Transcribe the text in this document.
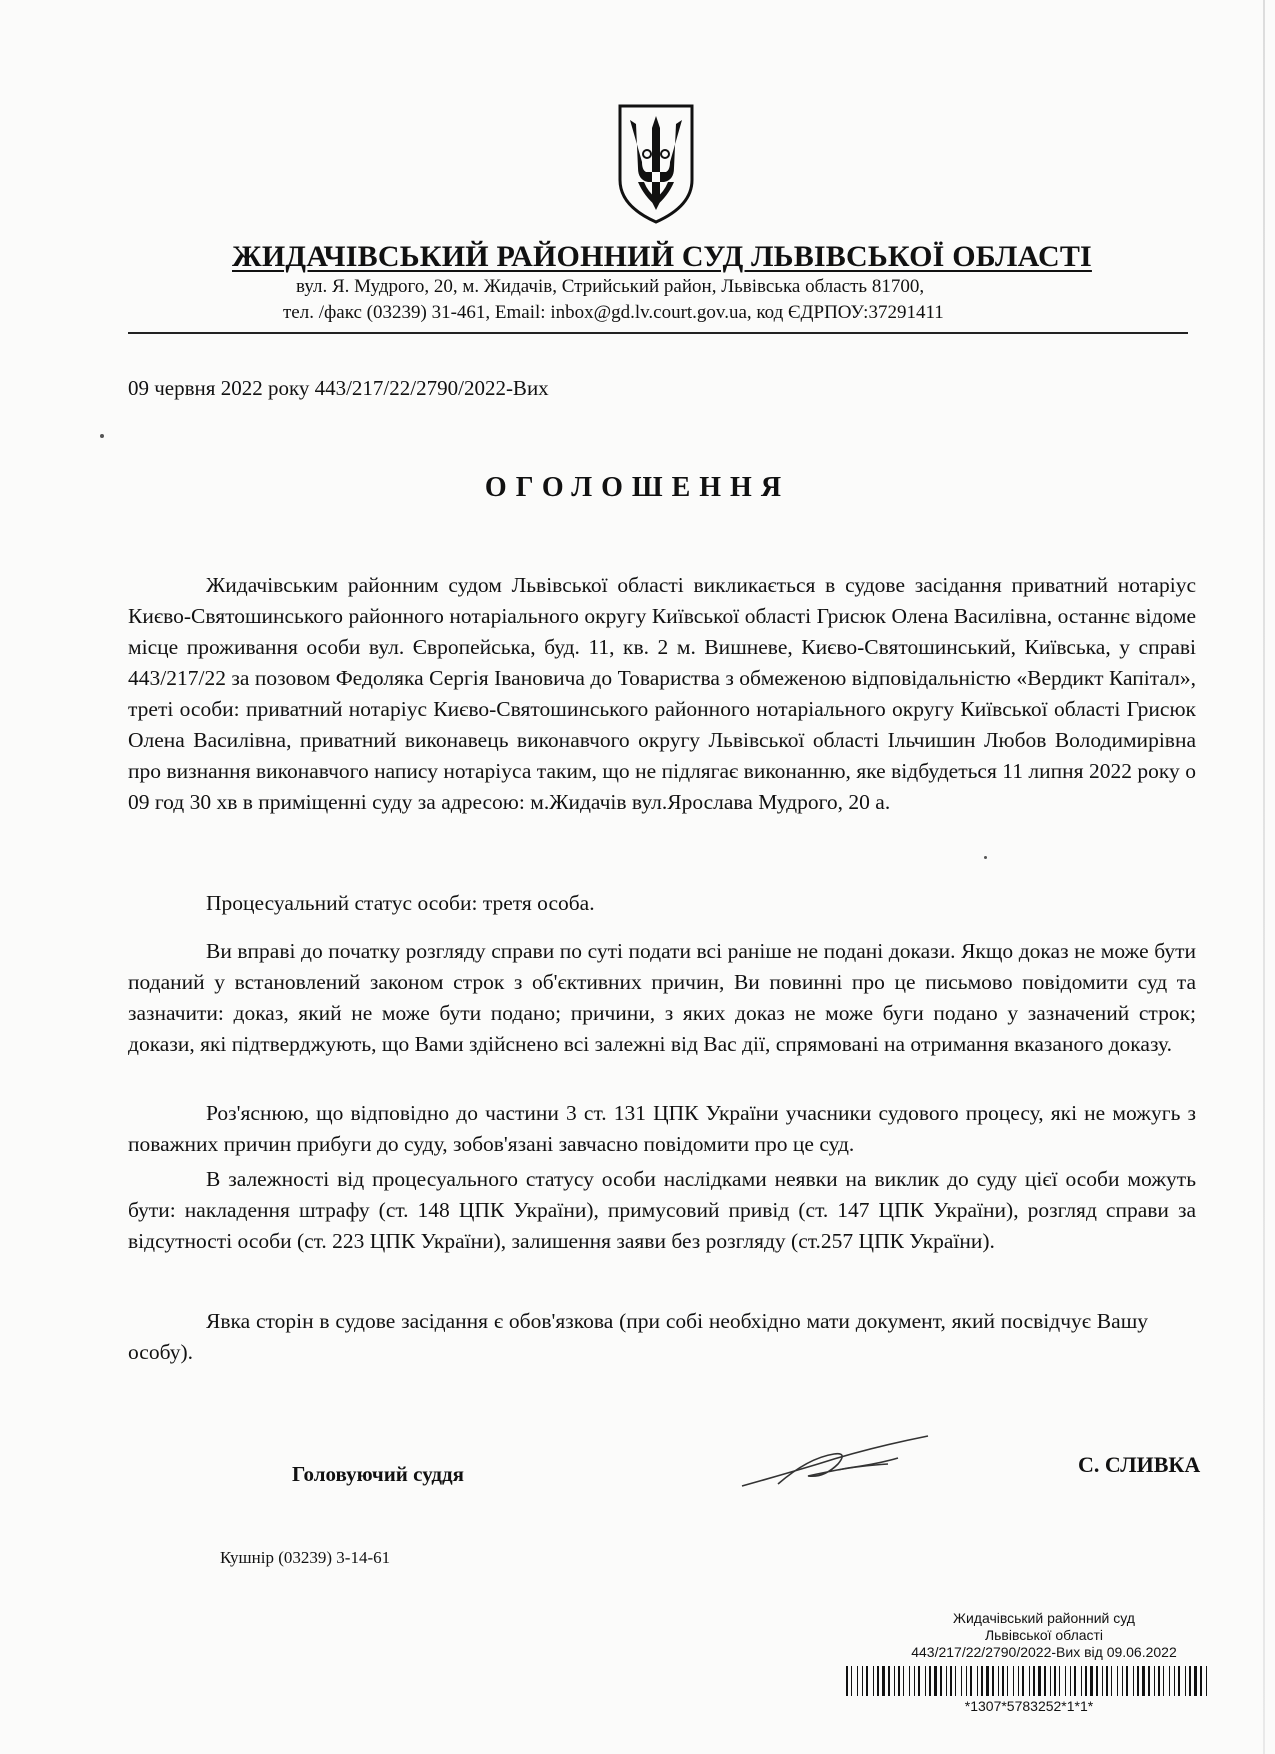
ЖИДАЧІВСЬКИЙ РАЙОННИЙ СУД ЛЬВІВСЬКОЇ ОБЛАСТІ
вул. Я. Мудрого, 20, м. Жидачів, Стрийський район, Львівська область 81700,
тел. /факс (03239) 31-461, Email: inbox@gd.lv.court.gov.ua, код ЄДРПОУ:37291411
09 червня 2022 року 443/217/22/2790/2022-Вих
ОГОЛОШЕННЯ
Жидачівським районним судом Львівської області викликається в судове засідання приватний нотаріус Києво-Святошинського районного нотаріального округу Київської області Грисюк Олена Василівна, останнє відоме місце проживання особи вул. Європейська, буд. 11, кв. 2 м. Вишневе, Києво-Святошинський, Київська, у справі 443/217/22 за позовом Федоляка Сергія Івановича до Товариства з обмеженою відповідальністю «Вердикт Капітал», треті особи: приватний нотаріус Києво-Святошинського районного нотаріального округу Київської області Грисюк Олена Василівна, приватний виконавець виконавчого округу Львівської області Ільчишин Любов Володимирівна про визнання виконавчого напису нотаріуса таким, що не підлягає виконанню, яке відбудеться 11 липня 2022 року о 09 год 30 хв в приміщенні суду за адресою: м.Жидачів вул.Ярослава Мудрого, 20 а.
Процесуальний статус особи: третя особа.
Ви вправі до початку розгляду справи по суті подати всі раніше не подані докази. Якщо доказ не може бути поданий у встановлений законом строк з об'єктивних причин, Ви повинні про це письмово повідомити суд та зазначити: доказ, який не може бути подано; причини, з яких доказ не може буги подано у зазначений строк; докази, які підтверджують, що Вами здійснено всі залежні від Вас дії, спрямовані на отримання вказаного доказу.
Роз'яснюю, що відповідно до частини 3 ст. 131 ЦПК України учасники судового процесу, які не можугь з поважних причин прибуги до суду, зобов'язані завчасно повідомити про це суд.
В залежності від процесуального статусу особи наслідками неявки на виклик до суду цієї особи можуть бути: накладення штрафу (ст. 148 ЦПК України), примусовий привід (ст. 147 ЦПК України), розгляд справи за відсутності особи (ст. 223 ЦПК України), залишення заяви без розгляду (ст.257 ЦПК України).
Явка сторін в судове засідання є обов'язкова (при собі необхідно мати документ, який посвідчує Вашу особу).
Головуючий суддя	С. СЛИВКА
Кушнір (03239) 3-14-61
Жидачівський районний суд
Львівської області
443/217/22/2790/2022-Вих від 09.06.2022
*1307*5783252*1*1*
